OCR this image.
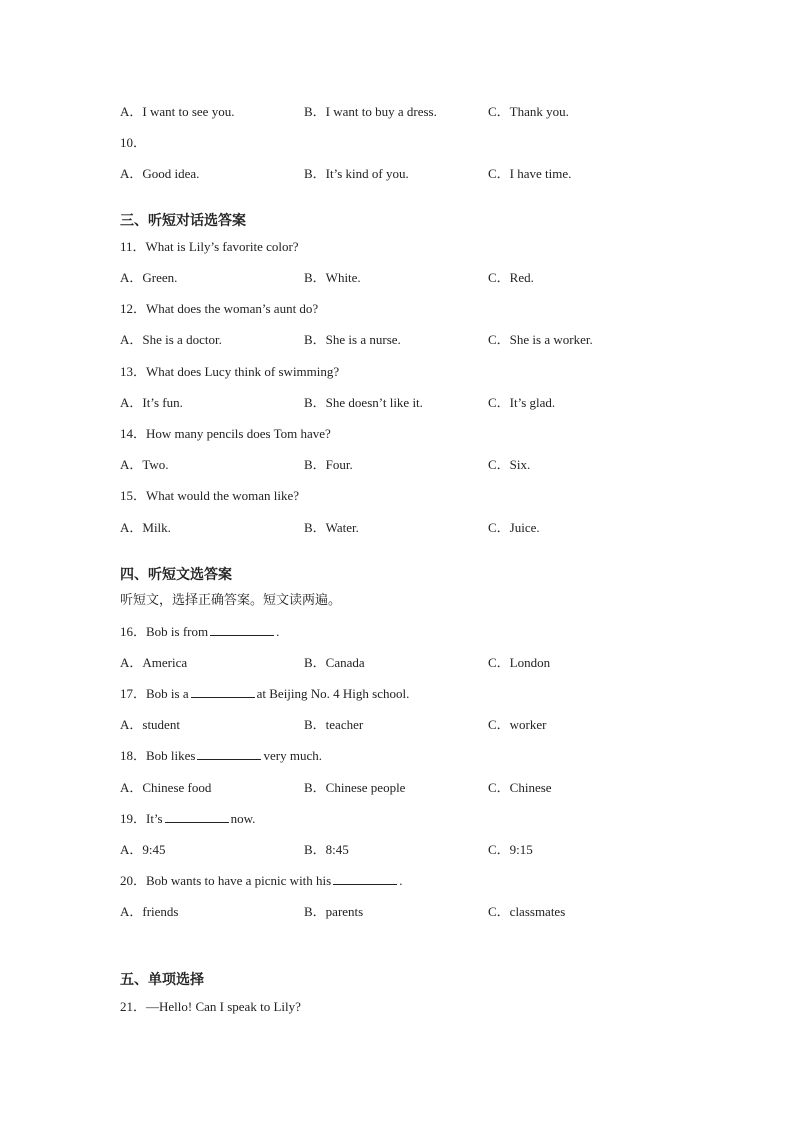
A．I want to see you.	B．I want to buy a dress.	C．Thank you.
10．
A．Good idea.	B．It’s kind of you.	C．I have time.
三、听短对话选答案
11．What is Lily’s favorite color?
A．Green.	B．White.	C．Red.
12．What does the woman’s aunt do?
A．She is a doctor.	B．She is a nurse.	C．She is a worker.
13．What does Lucy think of swimming?
A．It’s fun.	B．She doesn’t like it.	C．It’s glad.
14．How many pencils does Tom have?
A．Two.	B．Four.	C．Six.
15．What would the woman like?
A．Milk.	B．Water.	C．Juice.
四、听短文选答案
听短文，选择正确答案。短文读两遍。
16．Bob is from	.
A．America	B．Canada	C．London
17．Bob is a	at Beijing No. 4 High school.
A．student	B．teacher	C．worker
18．Bob likes	very much.
A．Chinese food	B．Chinese people	C．Chinese
19．It’s	now.
A．9:45	B．8:45	C．9:15
20．Bob wants to have a picnic with his	.
A．friends	B．parents	C．classmates
五、单项选择
21．—Hello! Can I speak to Lily?
